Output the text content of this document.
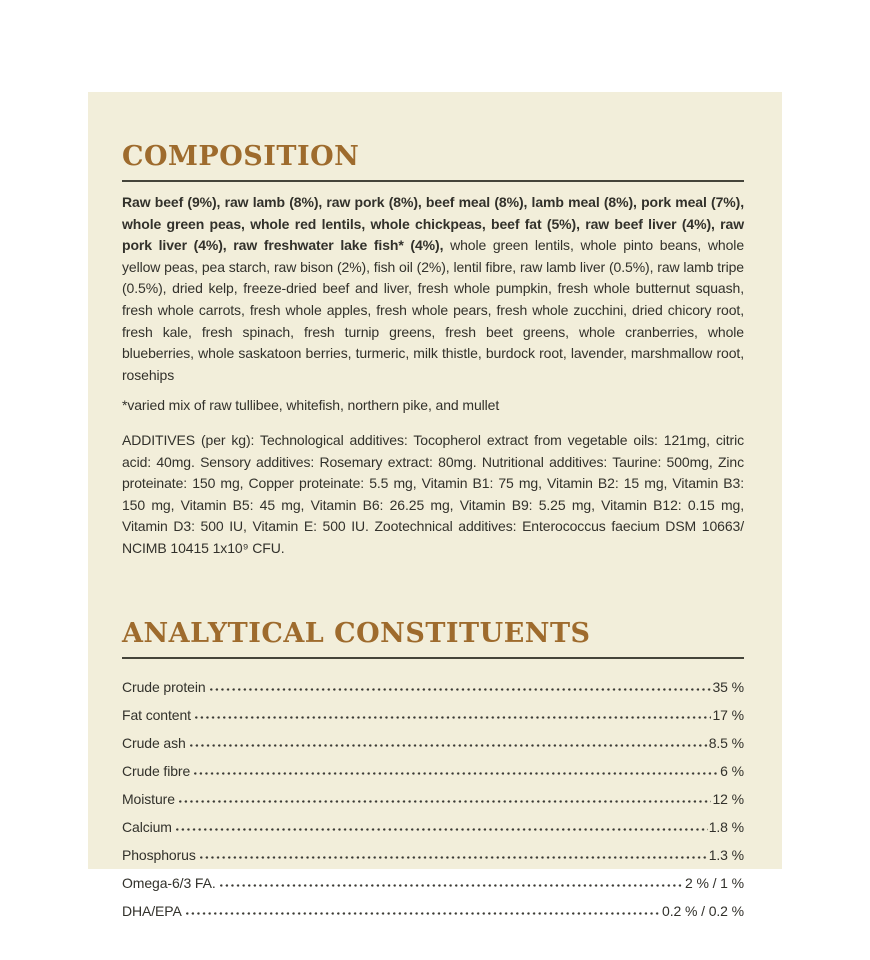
COMPOSITION

Raw beef (9%), raw lamb (8%), raw pork (8%), beef meal (8%), lamb meal (8%), pork meal (7%), whole green peas, whole red lentils, whole chickpeas, beef fat (5%), raw beef liver (4%), raw pork liver (4%), raw freshwater lake fish* (4%), whole green lentils, whole pinto beans, whole yellow peas, pea starch, raw bison (2%), fish oil (2%), lentil fibre, raw lamb liver (0.5%), raw lamb tripe (0.5%), dried kelp, freeze-dried beef and liver, fresh whole pumpkin, fresh whole butternut squash, fresh whole carrots, fresh whole apples, fresh whole pears, fresh whole zucchini, dried chicory root, fresh kale, fresh spinach, fresh turnip greens, fresh beet greens, whole cranberries, whole blueberries, whole saskatoon berries, turmeric, milk thistle, burdock root, lavender, marshmallow root, rosehips

*varied mix of raw tullibee, whitefish, northern pike, and mullet

ADDITIVES (per kg): Technological additives: Tocopherol extract from vegetable oils: 121mg, citric acid: 40mg. Sensory additives: Rosemary extract: 80mg. Nutritional additives: Taurine: 500mg, Zinc proteinate: 150 mg, Copper proteinate: 5.5 mg, Vitamin B1: 75 mg, Vitamin B2: 15 mg, Vitamin B3: 150 mg, Vitamin B5: 45 mg, Vitamin B6: 26.25 mg, Vitamin B9: 5.25 mg, Vitamin B12: 0.15 mg, Vitamin D3: 500 IU, Vitamin E: 500 IU. Zootechnical additives: Enterococcus faecium DSM 10663/ NCIMB 10415 1x10⁹ CFU.

ANALYTICAL CONSTITUENTS
Crude protein	35 %
Fat content	17 %
Crude ash	8.5 %
Crude fibre	6 %
Moisture	12 %
Calcium	1.8 %
Phosphorus	1.3 %
Omega-6/3 FA.	2 % / 1 %
DHA/EPA	0.2 % / 0.2 %
